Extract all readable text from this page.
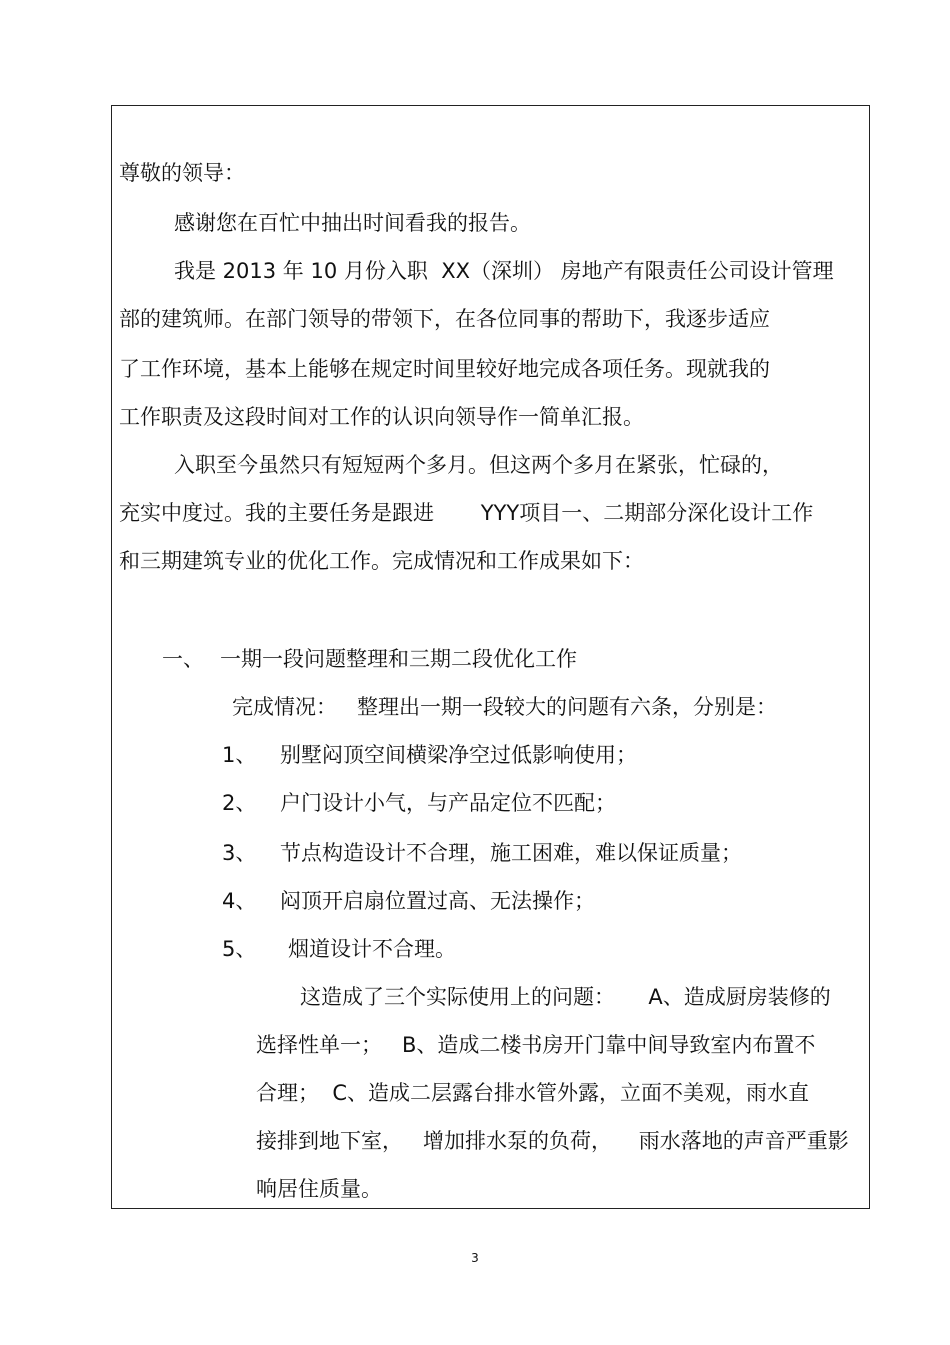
尊敬的领导：

感谢您在百忙中抽出时间看我的报告。

我是 2013 年 10 月份入职  XX（深圳） 房地产有限责任公司设计管理

部的建筑师。在部门领导的带领下，在各位同事的帮助下，我逐步适应

了工作环境，基本上能够在规定时间里较好地完成各项任务。现就我的

工作职责及这段时间对工作的认识向领导作一简单汇报。

入职至今虽然只有短短两个多月。但这两个多月在紧张，忙碌的，

充实中度过。我的主要任务是跟进       YYY项目一、二期部分深化设计工作

和三期建筑专业的优化工作。完成情况和工作成果如下：

一、 一期一段问题整理和三期二段优化工作

完成情况：   整理出一期一段较大的问题有六条，分别是：

1、 别墅闷顶空间横梁净空过低影响使用；

2、 户门设计小气，与产品定位不匹配；

3、 节点构造设计不合理，施工困难，难以保证质量；

4、 闷顶开启扇位置过高、无法操作；

5、 烟道设计不合理。

这造成了三个实际使用上的问题：     A、造成厨房装修的

选择性单一；   B、造成二楼书房开门靠中间导致室内布置不

合理；  C、造成二层露台排水管外露，立面不美观，雨水直

接排到地下室，   增加排水泵的负荷，    雨水落地的声音严重影

响居住质量。

3
